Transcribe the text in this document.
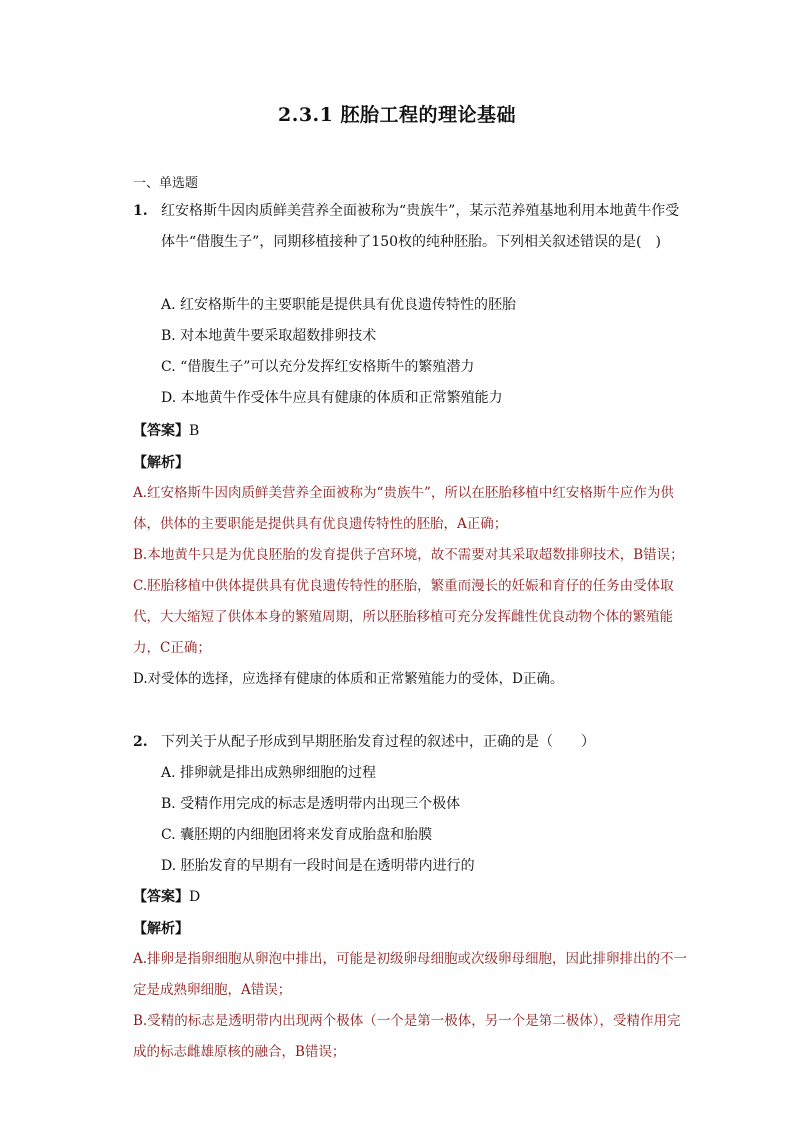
2.3.1 胚胎工程的理论基础
一、单选题
1. 红安格斯牛因肉质鲜美营养全面被称为“贵族牛”，某示范养殖基地利用本地黄牛作受体牛“借腹生子”，同期移植接种了150枚的纯种胚胎。下列相关叙述错误的是(　)
A. 红安格斯牛的主要职能是提供具有优良遗传特性的胚胎
B. 对本地黄牛要采取超数排卵技术
C. “借腹生子”可以充分发挥红安格斯牛的繁殖潜力
D. 本地黄牛作受体牛应具有健康的体质和正常繁殖能力
【答案】B
【解析】

A.红安格斯牛因肉质鲜美营养全面被称为“贵族牛”，所以在胚胎移植中红安格斯牛应作为供体，供体的主要职能是提供具有优良遗传特性的胚胎，A正确；

B.本地黄牛只是为优良胚胎的发育提供子宫环境，故不需要对其采取超数排卵技术，B错误；

C.胚胎移植中供体提供具有优良遗传特性的胚胎，繁重而漫长的妊娠和育仔的任务由受体取代，大大缩短了供体本身的繁殖周期，所以胚胎移植可充分发挥雌性优良动物个体的繁殖能力，C正确；

D.对受体的选择，应选择有健康的体质和正常繁殖能力的受体，D正确。

2. 下列关于从配子形成到早期胚胎发育过程的叙述中，正确的是（　　）
A. 排卵就是排出成熟卵细胞的过程
B. 受精作用完成的标志是透明带内出现三个极体
C. 囊胚期的内细胞团将来发育成胎盘和胎膜
D. 胚胎发育的早期有一段时间是在透明带内进行的
【答案】D
【解析】

A.排卵是指卵细胞从卵泡中排出，可能是初级卵母细胞或次级卵母细胞，因此排卵排出的不一定是成熟卵细胞，A错误；

B.受精的标志是透明带内出现两个极体（一个是第一极体，另一个是第二极体），受精作用完成的标志雌雄原核的融合，B错误；
